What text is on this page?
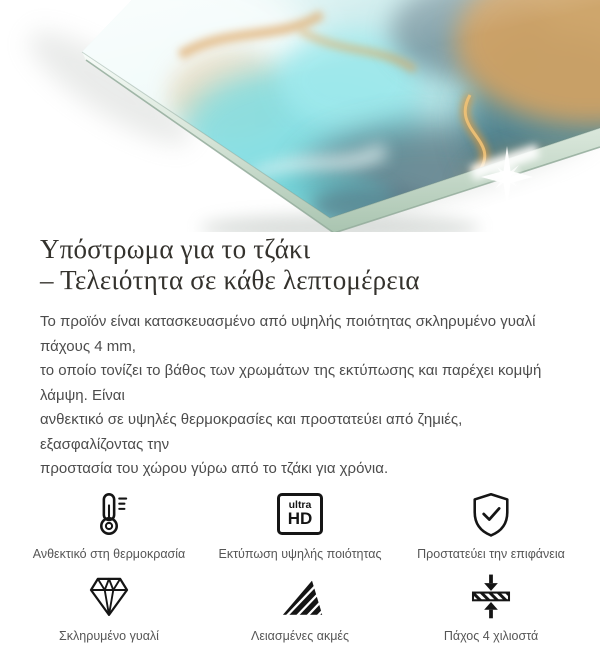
Υπόστρωμα για το τζάκι
– Τελειότητα σε κάθε λεπτομέρεια
Το προϊόν είναι κατασκευασμένο από υψηλής ποιότητας σκληρυμένο γυαλί πάχους 4 mm,
το οποίο τονίζει το βάθος των χρωμάτων της εκτύπωσης και παρέχει κομψή λάμψη. Είναι
ανθεκτικό σε υψηλές θερμοκρασίες και προστατεύει από ζημιές, εξασφαλίζοντας την
προστασία του χώρου γύρω από το τζάκι για χρόνια.
Ανθεκτικό στη θερμοκρασία
ultra
HD
Εκτύπωση υψηλής ποιότητας	Προστατεύει την επιφάνεια
Σκληρυμένο γυαλί	Λειασμένες ακμές	Πάχος 4 χιλιοστά
